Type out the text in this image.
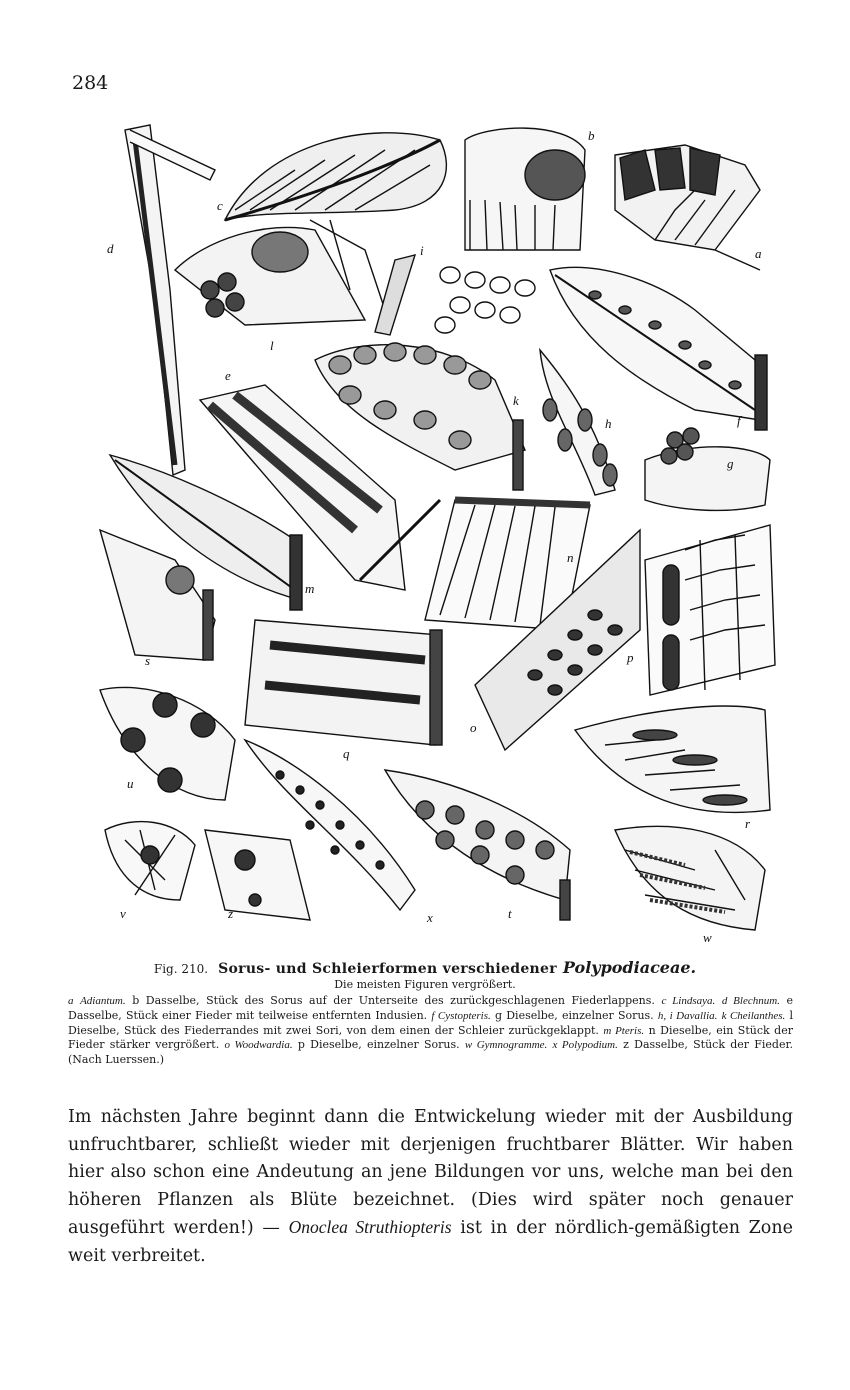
284
d
c
b
a
i
l
e
k
h	f
g
n
m
s	p
o
q
u
r
v	z	x	t
w
Fig. 210. Sorus- und Schleierformen verschiedener Polypodiaceae.
Die meisten Figuren vergrößert.
a Adiantum. b Dasselbe, Stück des Sorus auf der Unterseite des zurückgeschlagenen Fiederlappens. c Lindsaya. d Blechnum. e Dasselbe, Stück einer Fieder mit teilweise entfernten Indusien. f Cystopteris. g Dieselbe, einzelner Sorus. h, i Davallia. k Cheilanthes. l Dieselbe, Stück des Fiederrandes mit zwei Sori, von dem einen der Schleier zurückgeklappt. m Pteris. n Dieselbe, ein Stück der Fieder stärker vergrößert. o Woodwardia. p Dieselbe, einzelner Sorus. w Gymnogramme. x Polypodium. z Dasselbe, Stück der Fieder. (Nach Luerssen.)
Im nächsten Jahre beginnt dann die Entwickelung wieder mit der Ausbildung unfruchtbarer, schließt wieder mit derjenigen fruchtbarer Blätter. Wir haben hier also schon eine Andeutung an jene Bildungen vor uns, welche man bei den höheren Pflanzen als Blüte bezeichnet. (Dies wird später noch genauer ausgeführt werden!) — Onoclea Struthiopteris ist in der nördlich-gemäßigten Zone weit verbreitet.
